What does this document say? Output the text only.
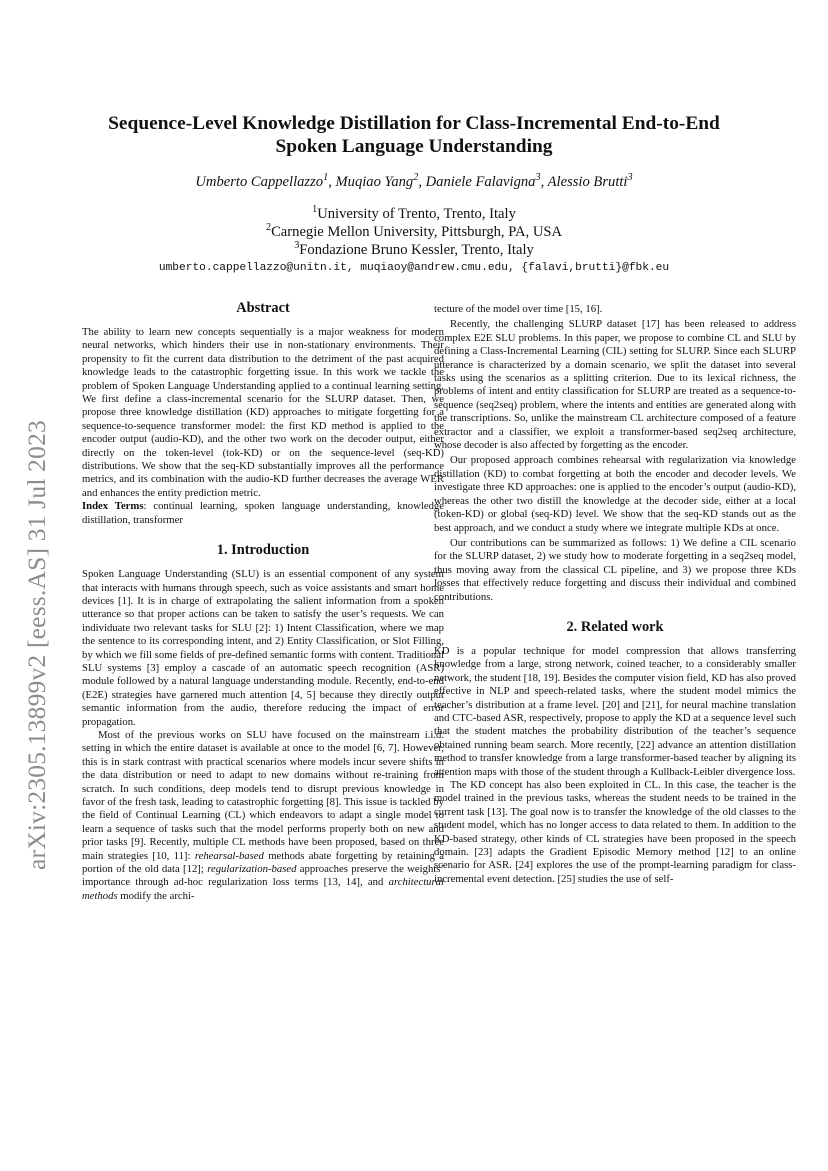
arXiv:2305.13899v2 [eess.AS] 31 Jul 2023
Sequence-Level Knowledge Distillation for Class-Incremental End-to-End
Spoken Language Understanding
Umberto Cappellazzo$^1$, Muqiao Yang$^2$, Daniele Falavigna$^3$, Alessio Brutti$^3$
$^1$University of Trento, Trento, Italy
$^2$Carnegie Mellon University, Pittsburgh, PA, USA
$^3$Fondazione Bruno Kessler, Trento, Italy
umberto.cappellazzo@unitn.it, muqiaoy@andrew.cmu.edu, {falavi,brutti}@fbk.eu
Abstract

The ability to learn new concepts sequentially is a major weakness for modern neural networks, which hinders their use in non-stationary environments. Their propensity to fit the current data distribution to the detriment of the past acquired knowledge leads to the catastrophic forgetting issue. In this work we tackle the problem of Spoken Language Understanding applied to a continual learning setting. We first define a class-incremental scenario for the SLURP dataset. Then, we propose three knowledge distillation (KD) approaches to mitigate forgetting for a sequence-to-sequence transformer model: the first KD method is applied to the encoder output (audio-KD), and the other two work on the decoder output, either directly on the token-level (tok-KD) or on the sequence-level (seq-KD) distributions. We show that the seq-KD substantially improves all the performance metrics, and its combination with the audio-KD further decreases the average WER and enhances the entity prediction metric.

Index Terms: continual learning, spoken language understanding, knowledge distillation, transformer

1. Introduction

Spoken Language Understanding (SLU) is an essential component of any system that interacts with humans through speech, such as voice assistants and smart home devices [1]. It is in charge of extrapolating the salient information from a spoken utterance so that proper actions can be taken to satisfy the user’s requests. We can individuate two relevant tasks for SLU [2]: 1) Intent Classification, where we map the sentence to its corresponding intent, and 2) Entity Classification, or Slot Filling, by which we fill some fields of pre-defined semantic forms with content. Traditional SLU systems [3] employ a cascade of an automatic speech recognition (ASR) module followed by a natural language understanding module. Recently, end-to-end (E2E) strategies have garnered much attention [4, 5] because they directly output semantic information from the audio, therefore reducing the impact of error propagation.

Most of the previous works on SLU have focused on the mainstream i.i.d. setting in which the entire dataset is available at once to the model [6, 7]. However, this is in stark contrast with practical scenarios where models incur severe shifts in the data distribution or need to adapt to new domains without re-training from scratch. In such conditions, deep models tend to disrupt previous knowledge in favor of the fresh task, leading to catastrophic forgetting [8]. This issue is tackled by the field of Continual Learning (CL) which endeavors to adapt a single model to learn a sequence of tasks such that the model performs properly both on new and prior tasks [9]. Recently, multiple CL methods have been proposed, based on three main strategies [10, 11]: rehearsal-based methods abate forgetting by retaining a portion of the old data [12]; regularization-based approaches preserve the weights’ importance through ad-hoc regularization loss terms [13, 14], and architectural methods modify the archi-

tecture of the model over time [15, 16].

Recently, the challenging SLURP dataset [17] has been released to address complex E2E SLU problems. In this paper, we propose to combine CL and SLU by defining a Class-Incremental Learning (CIL) setting for SLURP. Since each SLURP utterance is characterized by a domain scenario, we split the dataset into several tasks using the scenarios as a splitting criterion. Due to its lexical richness, the problems of intent and entity classification for SLURP are treated as a sequence-to-sequence (seq2seq) problem, where the intents and entities are generated along with the transcriptions. So, unlike the mainstream CL architecture composed of a feature extractor and a classifier, we exploit a transformer-based seq2seq architecture, whose decoder is also affected by forgetting as the encoder.

Our proposed approach combines rehearsal with regularization via knowledge distillation (KD) to combat forgetting at both the encoder and decoder levels. We investigate three KD approaches: one is applied to the encoder’s output (audio-KD), whereas the other two distill the knowledge at the decoder side, either at a local (token-KD) or global (seq-KD) level. We show that the seq-KD stands out as the best approach, and we conduct a study where we integrate multiple KDs at once.

Our contributions can be summarized as follows: 1) We define a CIL scenario for the SLURP dataset, 2) we study how to moderate forgetting in a seq2seq model, thus moving away from the classical CL pipeline, and 3) we propose three KDs losses that effectively reduce forgetting and discuss their individual and combined contributions.

2. Related work

KD is a popular technique for model compression that allows transferring knowledge from a large, strong network, coined teacher, to a considerably smaller network, the student [18, 19]. Besides the computer vision field, KD has also proved effective in NLP and speech-related tasks, where the student model mimics the teacher’s distribution at a frame level. [20] and [21], for neural machine translation and CTC-based ASR, respectively, propose to apply the KD at a sequence level such that the student matches the probability distribution of the teacher’s sequence obtained running beam search. More recently, [22] advance an attention distillation method to transfer knowledge from a large transformer-based teacher by aligning its attention maps with those of the student through a Kullback-Leibler divergence loss.

The KD concept has also been exploited in CL. In this case, the teacher is the model trained in the previous tasks, whereas the student needs to be trained in the current task [13]. The goal now is to transfer the knowledge of the old classes to the student model, which has no longer access to data related to them. In addition to the KD-based strategy, other kinds of CL strategies have been proposed in the speech domain. [23] adapts the Gradient Episodic Memory method [12] to an online scenario for ASR. [24] explores the use of the prompt-learning paradigm for class-incremental event detection. [25] studies the use of self-
